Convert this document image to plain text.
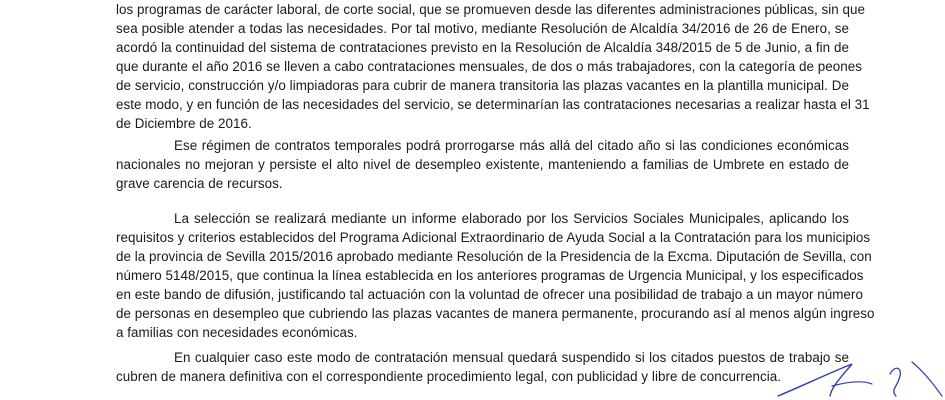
los programas de carácter laboral, de corte social, que se promueven desde las diferentes administraciones públicas, sin que
sea posible atender a todas las necesidades. Por tal motivo, mediante Resolución de Alcaldía 34/2016 de 26 de Enero, se
acordó la continuidad del sistema de contrataciones previsto en la Resolución de Alcaldía 348/2015 de 5 de Junio, a fin de
que durante el año 2016 se lleven a cabo contrataciones mensuales, de dos o más trabajadores, con la categoría de peones
de servicio, construcción y/o limpiadoras para cubrir de manera transitoria las plazas vacantes en la plantilla municipal. De
este modo, y en función de las necesidades del servicio, se determinarían las contrataciones necesarias a realizar hasta el 31
de Diciembre de 2016.

Ese régimen de contratos temporales podrá prorrogarse más allá del citado año si las condiciones económicas
nacionales no mejoran y persiste el alto nivel de desempleo existente, manteniendo a familias de Umbrete en estado de
grave carencia de recursos.

La selección se realizará mediante un informe elaborado por los Servicios Sociales Municipales, aplicando los
requisitos y criterios establecidos del Programa Adicional Extraordinario de Ayuda Social a la Contratación para los municipios
de la provincia de Sevilla 2015/2016 aprobado mediante Resolución de la Presidencia de la Excma. Diputación de Sevilla, con
número 5148/2015, que continua la línea establecida en los anteriores programas de Urgencia Municipal, y los especificados
en este bando de difusión, justificando tal actuación con la voluntad de ofrecer una posibilidad de trabajo a un mayor número
de personas en desempleo que cubriendo las plazas vacantes de manera permanente, procurando así al menos algún ingreso
a familias con necesidades económicas.

En cualquier caso este modo de contratación mensual quedará suspendido si los citados puestos de trabajo se
cubren de manera definitiva con el correspondiente procedimiento legal, con publicidad y libre de concurrencia.
